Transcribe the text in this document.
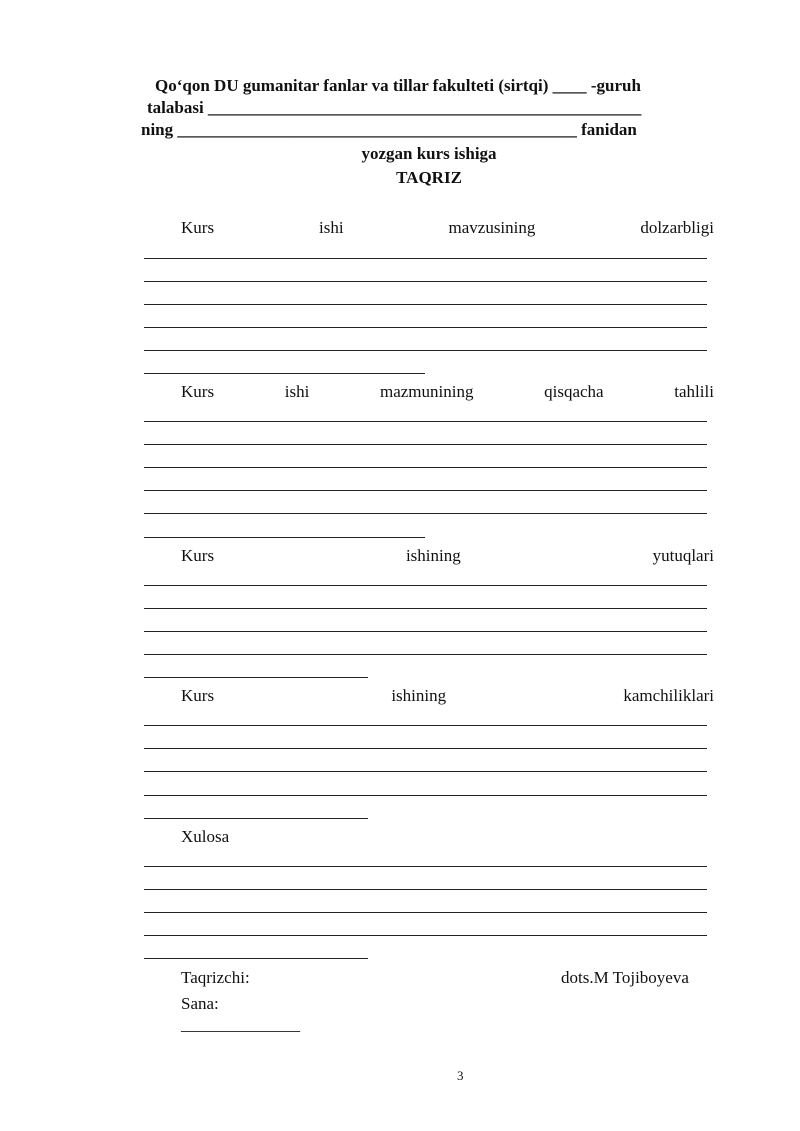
Qo‘qon DU gumanitar fanlar va tillar fakulteti (sirtqi) ____ -guruh
talabasi ___________________________________________________
ning _______________________________________________ fanidan
yozgan kurs ishiga
TAQRIZ
Kurs	ishi	mavzusining	dolzarbligi
Kurs	ishi	mazmunining	qisqacha	tahlili
Kurs	ishining	yutuqlari
Kurs	ishining	kamchiliklari
Xulosa
Taqrizchi:	dots.M Tojiboyeva
Sana:
______________
3
